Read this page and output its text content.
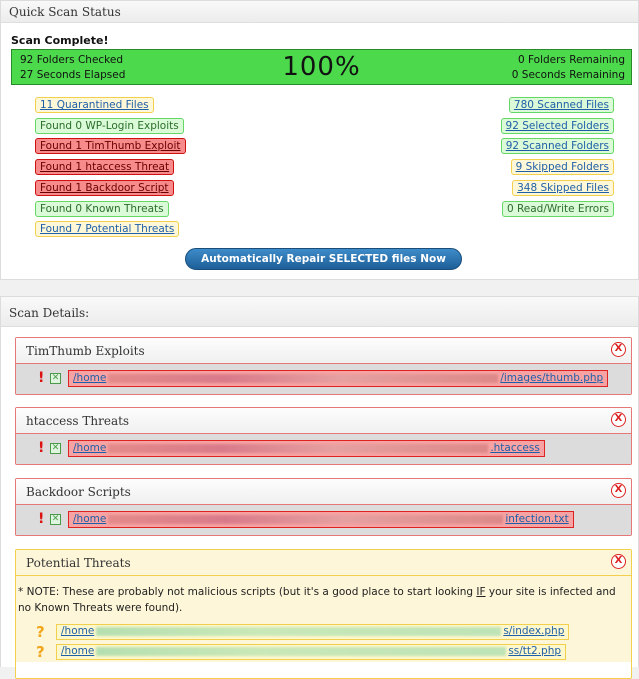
Quick Scan Status
Scan Complete!
92 Folders Checked
27 Seconds Elapsed	100%	0 Folders Remaining
0 Seconds Remaining
11 Quarantined Files
Found 0 WP-Login Exploits
Found 1 TimThumb Exploit
Found 1 htaccess Threat
Found 1 Backdoor Script
Found 0 Known Threats
Found 7 Potential Threats
780 Scanned Files
92 Selected Folders
92 Scanned Folders
9 Skipped Folders
348 Skipped Files
0 Read/Write Errors
Automatically Repair SELECTED files Now
Scan Details:
TimThumb Exploits	X
! ✕	/home	/images/thumb.php
htaccess Threats	X
! ✕	/home	.htaccess
Backdoor Scripts	X
! ✕	/home	infection.txt
Potential Threats	X
* NOTE: These are probably not malicious scripts (but it's a good place to start looking IF your site is infected and no Known Threats were found).
?	/home	s/index.php
?	/home	ss/tt2.php
